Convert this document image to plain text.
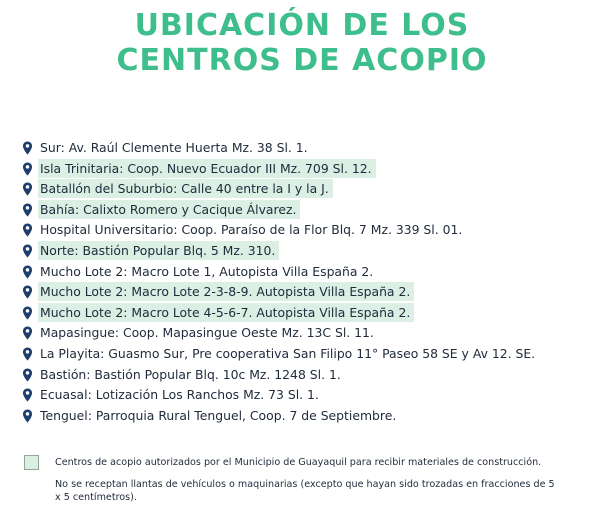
UBICACIÓN DE LOS
CENTROS DE ACOPIO
Sur: Av. Raúl Clemente Huerta Mz. 38 Sl. 1.
Isla Trinitaria: Coop. Nuevo Ecuador III Mz. 709 Sl. 12.
Batallón del Suburbio: Calle 40 entre la I y la J.
Bahía: Calixto Romero y Cacique Álvarez.
Hospital Universitario: Coop. Paraíso de la Flor Blq. 7 Mz. 339 Sl. 01.
Norte: Bastión Popular Blq. 5 Mz. 310.
Mucho Lote 2: Macro Lote 1, Autopista Villa España 2.
Mucho Lote 2: Macro Lote 2-3-8-9. Autopista Villa España 2.
Mucho Lote 2: Macro Lote 4-5-6-7. Autopista Villa España 2.
Mapasingue: Coop. Mapasingue Oeste Mz. 13C Sl. 11.
La Playita: Guasmo Sur, Pre cooperativa San Filipo 11° Paseo 58 SE y Av 12. SE.
Bastión: Bastión Popular Blq. 10c Mz. 1248 Sl. 1.
Ecuasal: Lotización Los Ranchos Mz. 73 Sl. 1.
Tenguel: Parroquia Rural Tenguel, Coop. 7 de Septiembre.
Centros de acopio autorizados por el Municipio de Guayaquil para recibir materiales de construcción.
No se receptan llantas de vehículos o maquinarias (excepto que hayan sido trozadas en fracciones de 5 x 5 centímetros).
